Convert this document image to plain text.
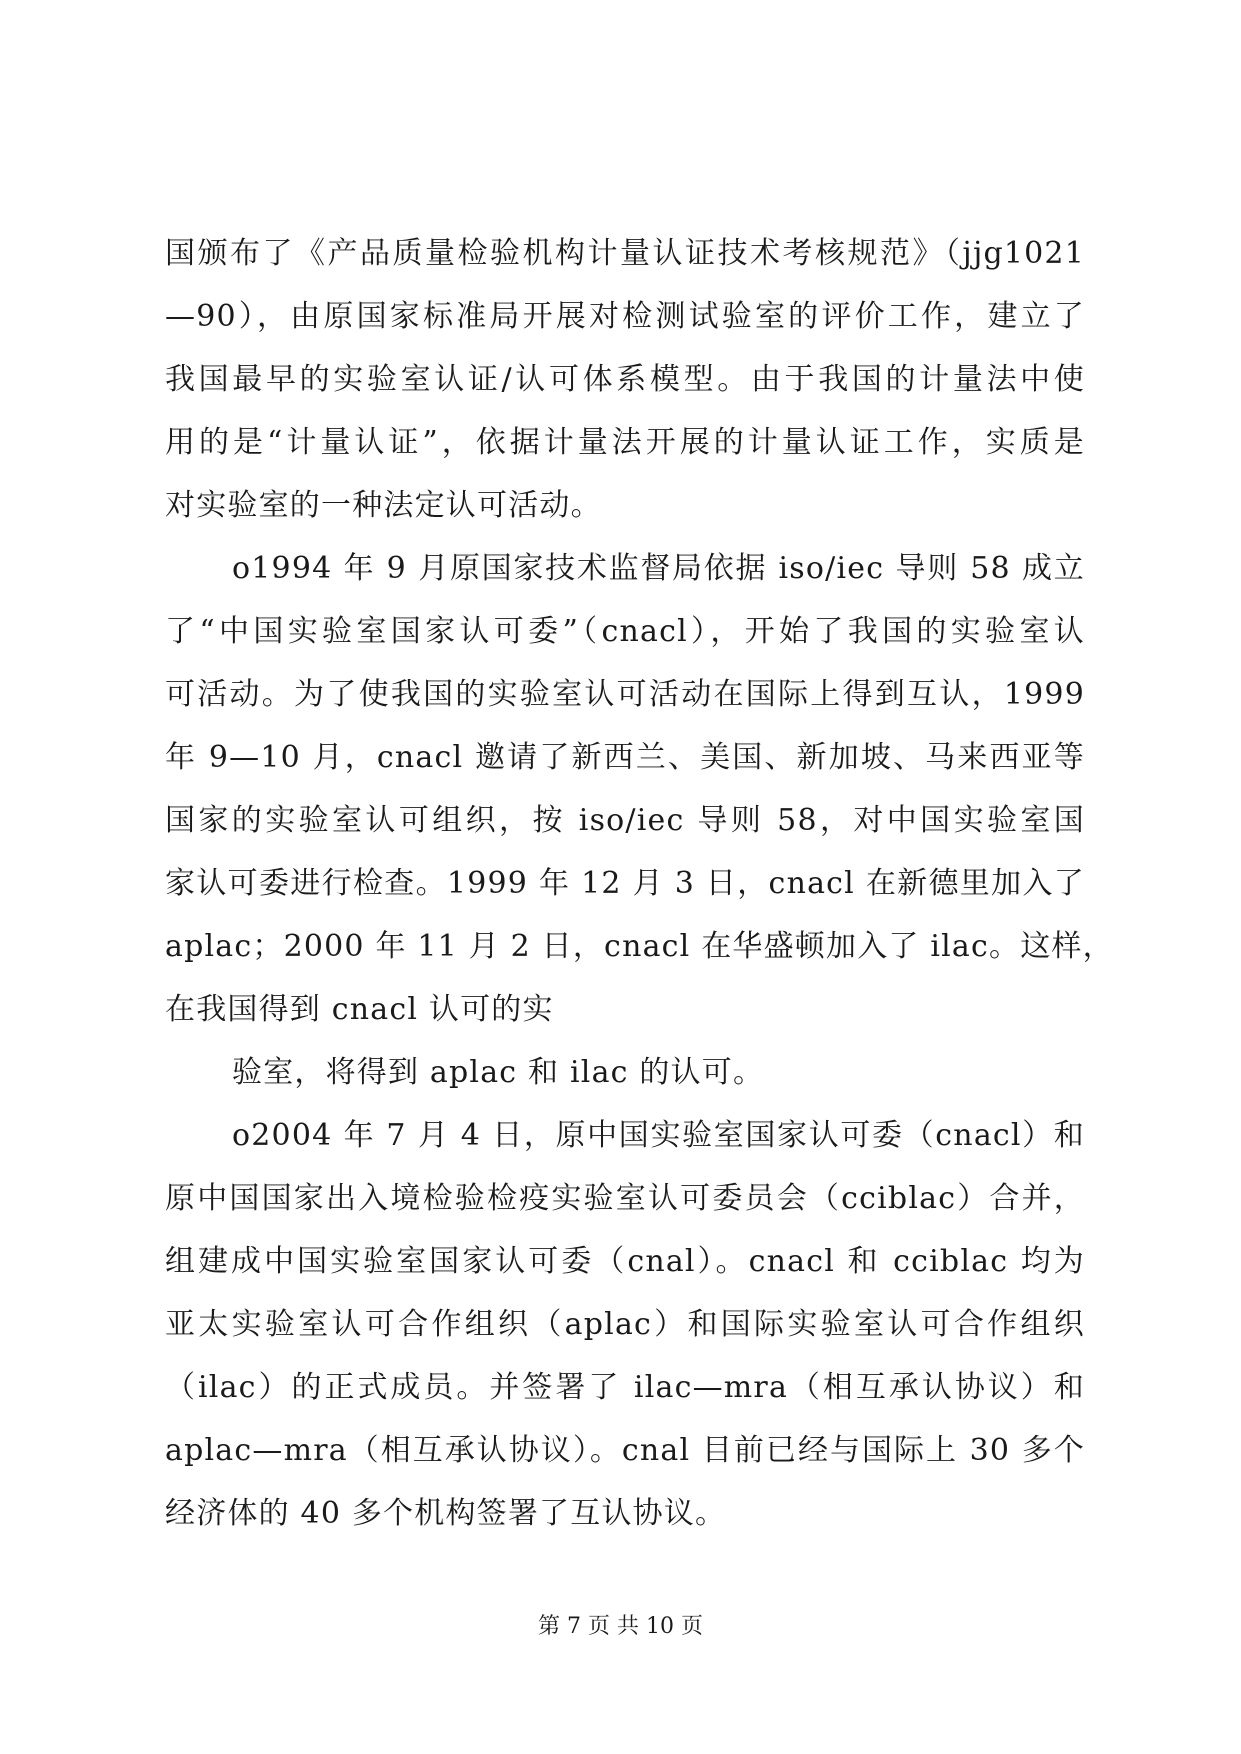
国颁布了《产品质量检验机构计量认证技术考核规范》（jjg1021
—90），由原国家标准局开展对检测试验室的评价工作，建立了
我国最早的实验室认证/认可体系模型。由于我国的计量法中使
用的是“计量认证”，依据计量法开展的计量认证工作，实质是
对实验室的一种法定认可活动。
o1994 年 9 月原国家技术监督局依据 iso/iec 导则 58 成立
了“中国实验室国家认可委”（cnacl），开始了我国的实验室认
可活动。为了使我国的实验室认可活动在国际上得到互认，1999
年 9—10 月，cnacl 邀请了新西兰、美国、新加坡、马来西亚等
国家的实验室认可组织，按 iso/iec 导则 58，对中国实验室国
家认可委进行检查。1999 年 12 月 3 日，cnacl 在新德里加入了
aplac；2000 年 11 月 2 日，cnacl 在华盛顿加入了 ilac。这样，
在我国得到 cnacl 认可的实
验室，将得到 aplac 和 ilac 的认可。
o2004 年 7 月 4 日，原中国实验室国家认可委（cnacl）和
原中国国家出入境检验检疫实验室认可委员会（cciblac）合并，
组建成中国实验室国家认可委（cnal）。cnacl 和 cciblac 均为
亚太实验室认可合作组织（aplac）和国际实验室认可合作组织
（ilac）的正式成员。并签署了 ilac—mra（相互承认协议）和
aplac—mra（相互承认协议）。cnal 目前已经与国际上 30 多个
经济体的 40 多个机构签署了互认协议。
第 7 页 共 10 页
